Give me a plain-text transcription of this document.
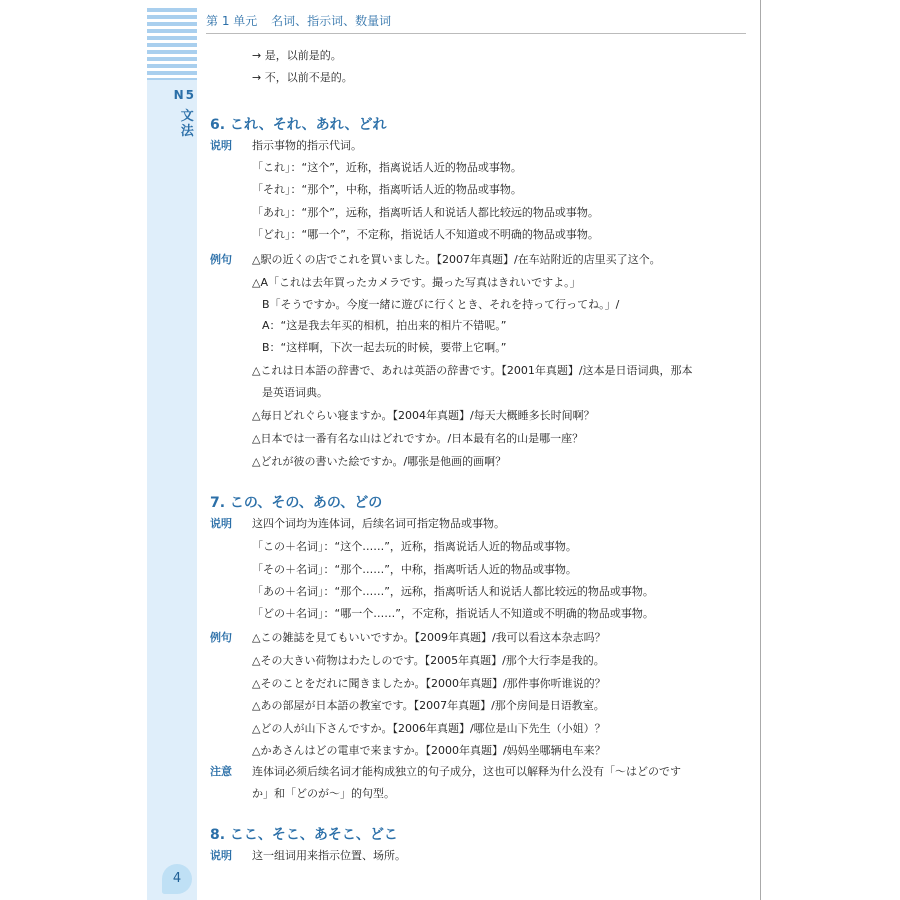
N5 文法
4
第 1 单元 名词、指示词、数量词
→ 是，以前是的。
→ 不，以前不是的。
6. これ、それ、あれ、どれ
说明 指示事物的指示代词。
「これ」：“这个”，近称，指离说话人近的物品或事物。
「それ」：“那个”，中称，指离听话人近的物品或事物。
「あれ」：“那个”，远称，指离听话人和说话人都比较远的物品或事物。
「どれ」：“哪一个”，不定称，指说话人不知道或不明确的物品或事物。
例句 △駅の近くの店でこれを買いました。【2007年真题】/在车站附近的店里买了这个。
△A「これは去年買ったカメラです。撮った写真はきれいですよ。」
B「そうですか。今度一緒に遊びに行くとき、それを持って行ってね。」/
A：“这是我去年买的相机，拍出来的相片不错呢。”
B：“这样啊，下次一起去玩的时候，要带上它啊。”
△これは日本語の辞書で、あれは英語の辞書です。【2001年真题】/这本是日语词典，那本
是英语词典。
△毎日どれぐらい寝ますか。【2004年真题】/每天大概睡多长时间啊？
△日本では一番有名な山はどれですか。/日本最有名的山是哪一座？
△どれが彼の書いた絵ですか。/哪张是他画的画啊？
7. この、その、あの、どの
说明 这四个词均为连体词，后续名词可指定物品或事物。
「この＋名词」：“这个……”，近称，指离说话人近的物品或事物。
「その＋名词」：“那个……”，中称，指离听话人近的物品或事物。
「あの＋名词」：“那个……”，远称，指离听话人和说话人都比较远的物品或事物。
「どの＋名词」：“哪一个……”，不定称，指说话人不知道或不明确的物品或事物。
例句 △この雑誌を見てもいいですか。【2009年真题】/我可以看这本杂志吗？
△その大きい荷物はわたしのです。【2005年真题】/那个大行李是我的。
△そのことをだれに聞きましたか。【2000年真题】/那件事你听谁说的？
△あの部屋が日本語の教室です。【2007年真题】/那个房间是日语教室。
△どの人が山下さんですか。【2006年真题】/哪位是山下先生（小姐）？
△かあさんはどの電車で来ますか。【2000年真题】/妈妈坐哪辆电车来？
注意 连体词必须后续名词才能构成独立的句子成分，这也可以解释为什么没有「～はどのです
か」和「どのが～」的句型。
8. ここ、そこ、あそこ、どこ
说明 这一组词用来指示位置、场所。
